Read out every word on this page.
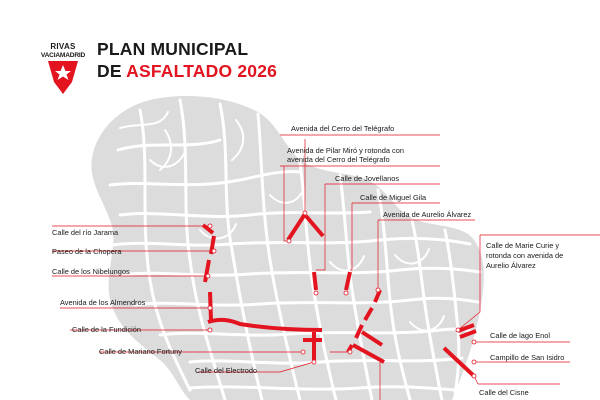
RIVAS
VACIAMADRID PLAN MUNICIPAL
DE ASFALTADO 2026
Avenida del Cerro del Telégrafo
Avenida de Pilar Miró y rotonda con
avenida del Cerro del Telégrafo
Calle de Jovellanos
Calle de Miguel Gila
Avenida de Aurelio Álvarez
Calle de Marie Curie y
rotonda con avenida de
Aurelio Álvarez
Calle del río Jarama
Paseo de la Chopera
Calle de los Nibelungos
Avenida de los Almendros
Calle de la Fundición
Calle de Mariano Fortuny
Calle del Electrodo
Calle de lago Enol
Campillo de San Isidro
Calle del Cisne
